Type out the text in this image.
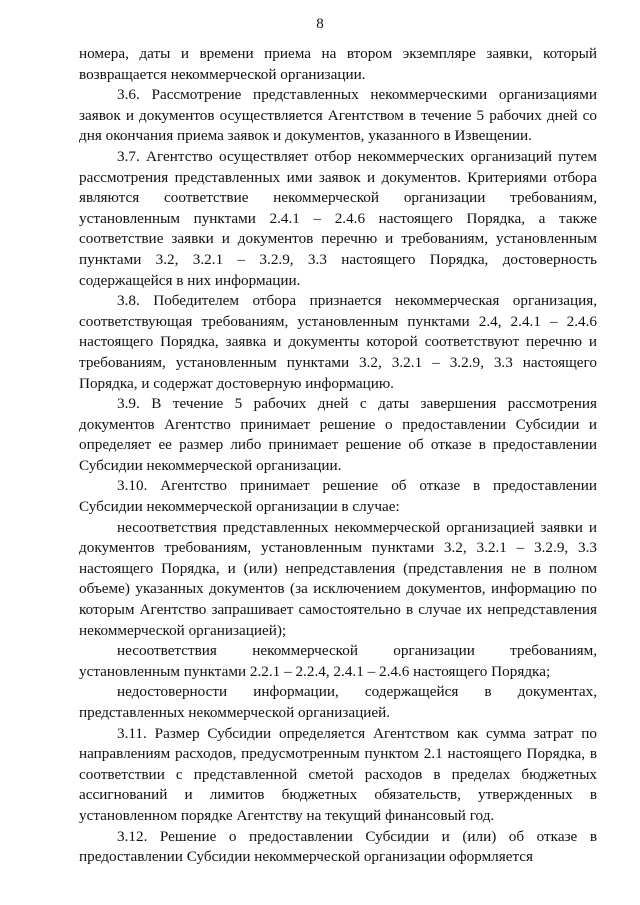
8

номера, даты и времени приема на втором экземпляре заявки, который возвращается некоммерческой организации.

3.6. Рассмотрение представленных некоммерческими организациями заявок и документов осуществляется Агентством в течение 5 рабочих дней со дня окончания приема заявок и документов, указанного в Извещении.

3.7. Агентство осуществляет отбор некоммерческих организаций путем рассмотрения представленных ими заявок и документов. Критериями отбора являются соответствие некоммерческой организации требованиям, установленным пунктами 2.4.1 – 2.4.6 настоящего Порядка, а также соответствие заявки и документов перечню и требованиям, установленным пунктами 3.2, 3.2.1 – 3.2.9, 3.3 настоящего Порядка, достоверность содержащейся в них информации.

3.8. Победителем отбора признается некоммерческая организация, соответствующая требованиям, установленным пунктами 2.4, 2.4.1 – 2.4.6 настоящего Порядка, заявка и документы которой соответствуют перечню и требованиям, установленным пунктами 3.2, 3.2.1 – 3.2.9, 3.3 настоящего Порядка, и содержат достоверную информацию.

3.9. В течение 5 рабочих дней с даты завершения рассмотрения документов Агентство принимает решение о предоставлении Субсидии и определяет ее размер либо принимает решение об отказе в предоставлении Субсидии некоммерческой организации.

3.10. Агентство принимает решение об отказе в предоставлении Субсидии некоммерческой организации в случае:

несоответствия представленных некоммерческой организацией заявки и документов требованиям, установленным пунктами 3.2, 3.2.1 – 3.2.9, 3.3 настоящего Порядка, и (или) непредставления (представления не в полном объеме) указанных документов (за исключением документов, информацию по которым Агентство запрашивает самостоятельно в случае их непредставления некоммерческой организацией);

несоответствия некоммерческой организации требованиям, установленным пунктами 2.2.1 – 2.2.4, 2.4.1 – 2.4.6 настоящего Порядка;

недостоверности информации, содержащейся в документах, представленных некоммерческой организацией.

3.11. Размер Субсидии определяется Агентством как сумма затрат по направлениям расходов, предусмотренным пунктом 2.1 настоящего Порядка, в соответствии с представленной сметой расходов в пределах бюджетных ассигнований и лимитов бюджетных обязательств, утвержденных в установленном порядке Агентству на текущий финансовый год.

3.12. Решение о предоставлении Субсидии и (или) об отказе в предоставлении Субсидии некоммерческой организации оформляется
